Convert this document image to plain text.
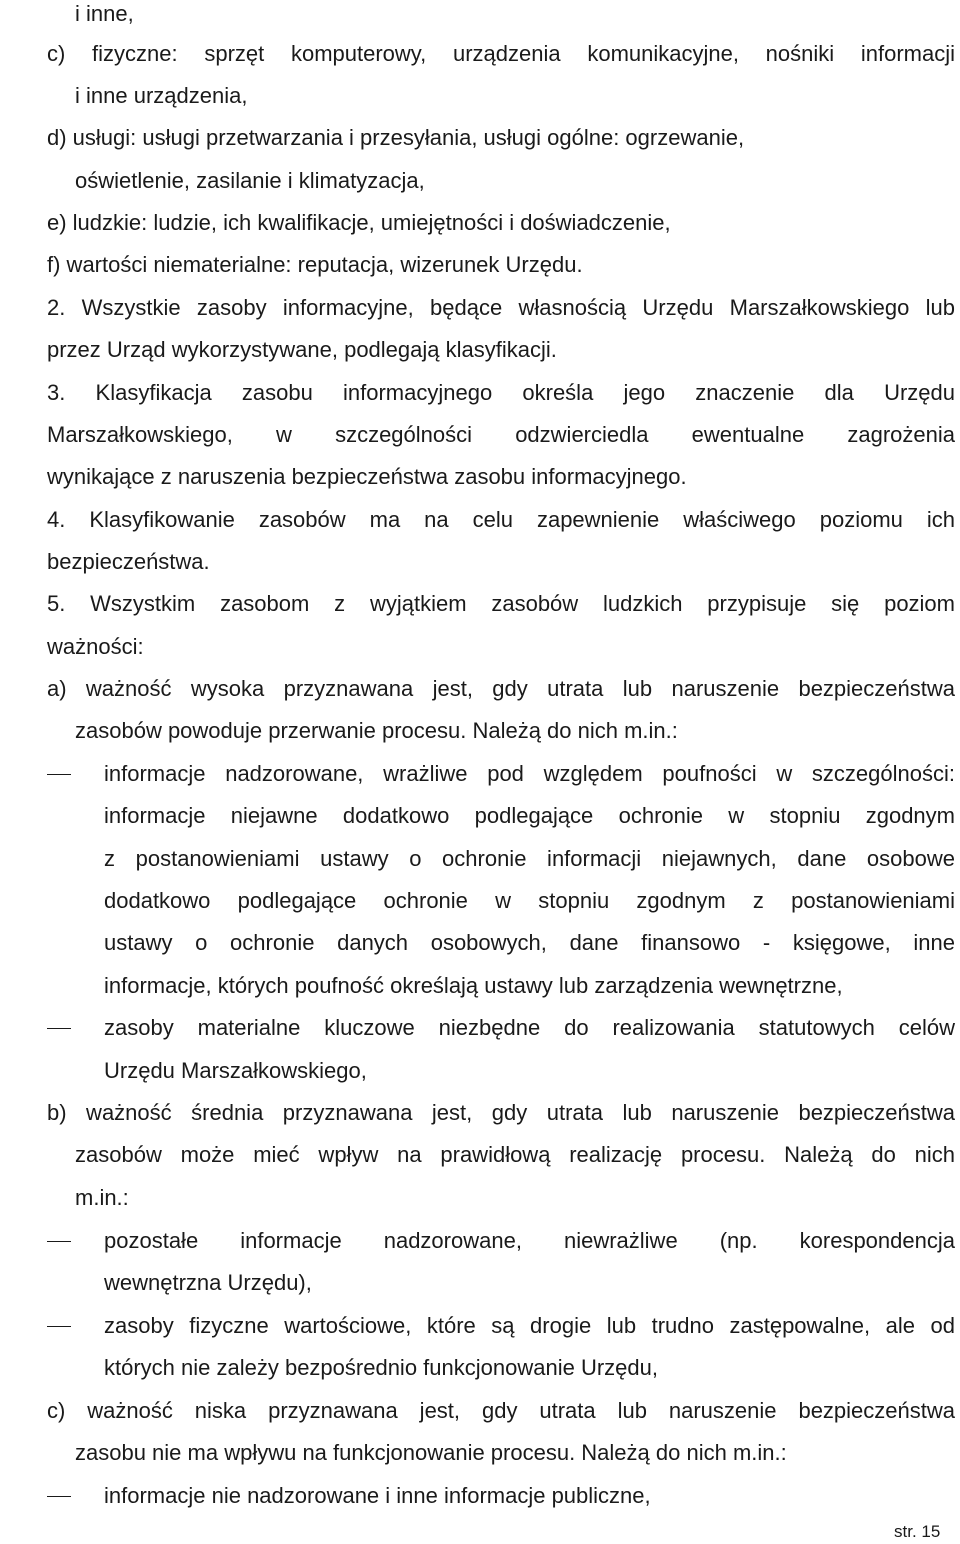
i inne,
c) fizyczne: sprzęt komputerowy, urządzenia komunikacyjne, nośniki informacji
i inne urządzenia,
d) usługi: usługi przetwarzania i przesyłania, usługi ogólne: ogrzewanie,
oświetlenie, zasilanie i klimatyzacja,
e) ludzkie: ludzie, ich kwalifikacje, umiejętności i doświadczenie,
f) wartości niematerialne: reputacja, wizerunek Urzędu.
2. Wszystkie zasoby informacyjne, będące własnością Urzędu Marszałkowskiego lub
przez Urząd wykorzystywane, podlegają klasyfikacji.
3. Klasyfikacja zasobu informacyjnego określa jego znaczenie dla Urzędu
Marszałkowskiego, w szczególności odzwierciedla ewentualne zagrożenia
wynikające z naruszenia bezpieczeństwa zasobu informacyjnego.
4. Klasyfikowanie zasobów ma na celu zapewnienie właściwego poziomu ich
bezpieczeństwa.
5. Wszystkim zasobom z wyjątkiem zasobów ludzkich przypisuje się poziom
ważności:
a) ważność wysoka przyznawana jest, gdy utrata lub naruszenie bezpieczeństwa
zasobów powoduje przerwanie procesu. Należą do nich m.in.:
informacje nadzorowane, wrażliwe pod względem poufności w szczególności:
informacje niejawne dodatkowo podlegające ochronie w stopniu zgodnym
z postanowieniami ustawy o ochronie informacji niejawnych, dane osobowe
dodatkowo podlegające ochronie w stopniu zgodnym z postanowieniami
ustawy o ochronie danych osobowych, dane finansowo - księgowe, inne
informacje, których poufność określają ustawy lub zarządzenia wewnętrzne,
zasoby materialne kluczowe niezbędne do realizowania statutowych celów
Urzędu Marszałkowskiego,
b) ważność średnia przyznawana jest, gdy utrata lub naruszenie bezpieczeństwa
zasobów może mieć wpływ na prawidłową realizację procesu. Należą do nich
m.in.:
pozostałe informacje nadzorowane, niewrażliwe (np. korespondencja
wewnętrzna Urzędu),
zasoby fizyczne wartościowe, które są drogie lub trudno zastępowalne, ale od
których nie zależy bezpośrednio funkcjonowanie Urzędu,
c) ważność niska przyznawana jest, gdy utrata lub naruszenie bezpieczeństwa
zasobu nie ma wpływu na funkcjonowanie procesu. Należą do nich m.in.:
informacje nie nadzorowane i inne informacje publiczne,
str. 15
